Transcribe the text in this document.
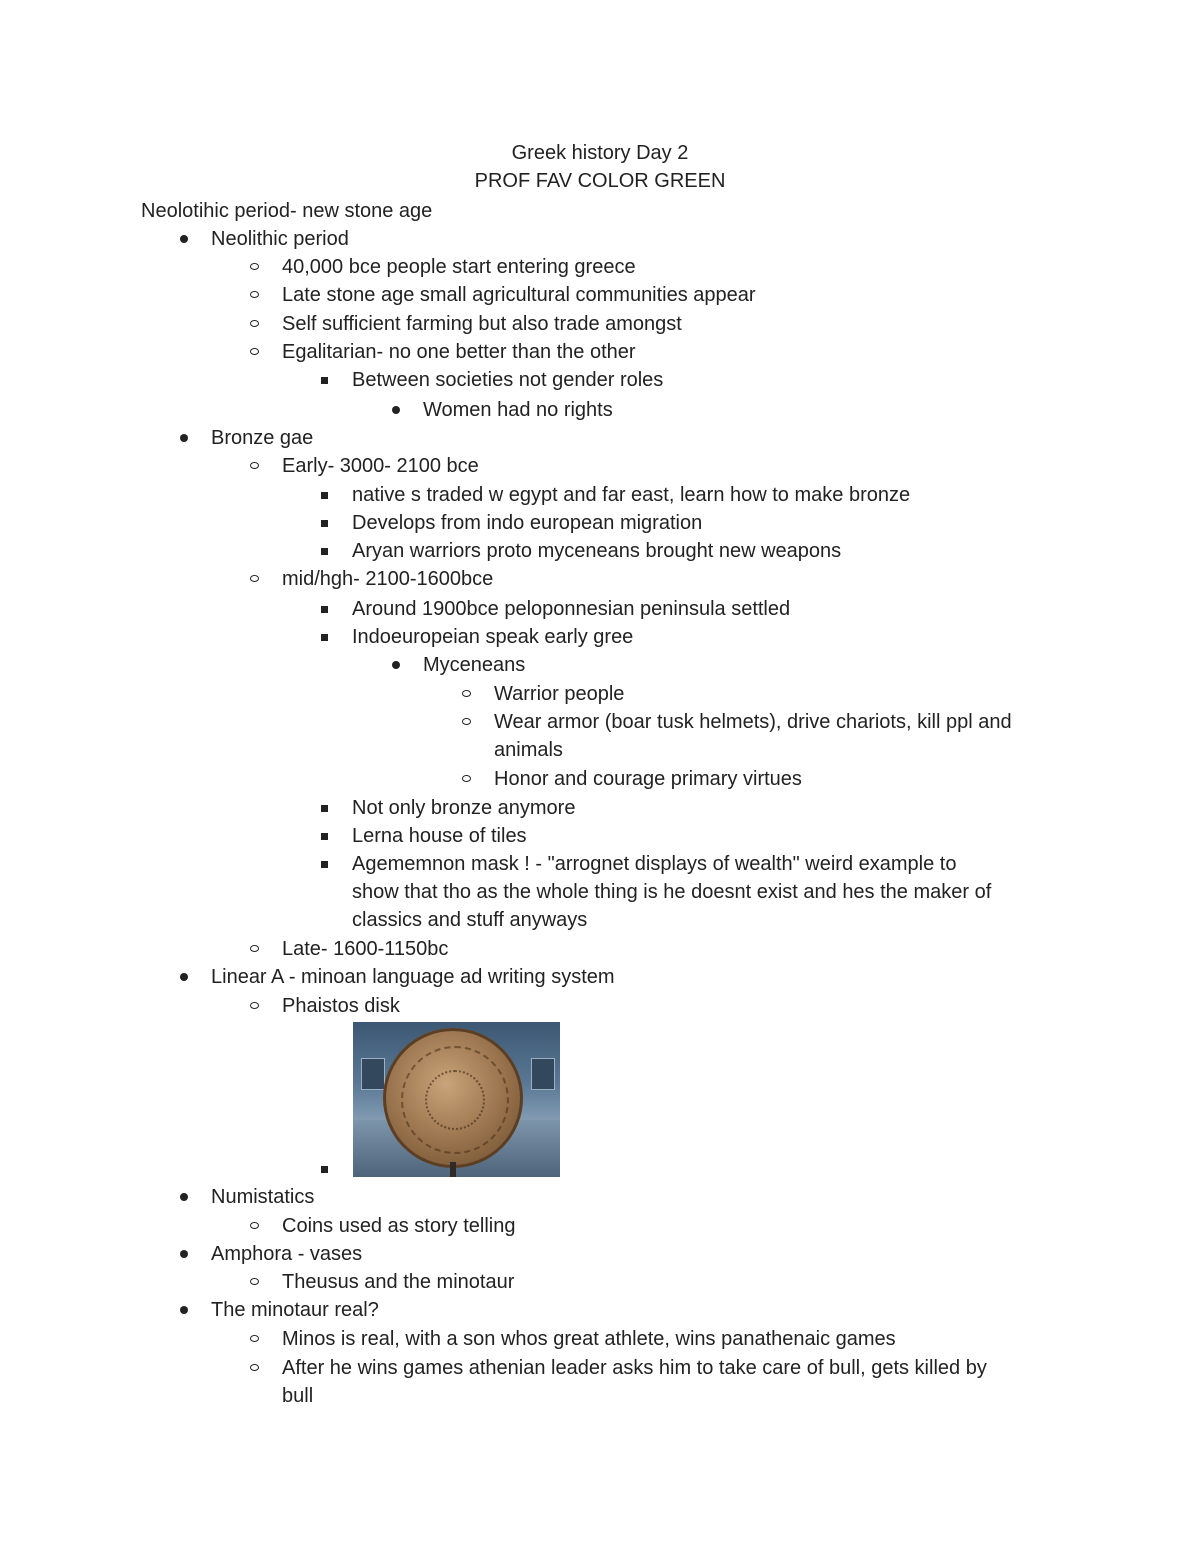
Greek history Day 2
PROF FAV COLOR GREEN
Neolotihic period- new stone age
Neolithic period
40,000 bce people start entering greece
Late stone age small agricultural communities appear
Self sufficient farming but also trade amongst
Egalitarian- no one better than the other
Between societies not gender roles
Women had no rights
Bronze gae
Early- 3000- 2100 bce
native s traded w egypt and far east, learn how to make bronze
Develops from indo european migration
Aryan warriors proto myceneans brought new weapons
mid/hgh- 2100-1600bce
Around 1900bce peloponnesian peninsula settled
Indoeuropeian speak early gree
Myceneans
Warrior people
Wear armor (boar tusk helmets), drive chariots, kill ppl and
animals
Honor and courage primary virtues
Not only bronze anymore
Lerna house of tiles
Agememnon mask ! - "arrognet displays of wealth" weird example to
show that tho as the whole thing is he doesnt exist and hes the maker of
classics and stuff anyways
Late- 1600-1150bc
Linear A - minoan language ad writing system
Phaistos disk
Numistatics
Coins used as story telling
Amphora - vases
Theusus and the minotaur
The minotaur real?
Minos is real, with a son whos great athlete, wins panathenaic games
After he wins games athenian leader asks him to take care of bull, gets killed by
bull
